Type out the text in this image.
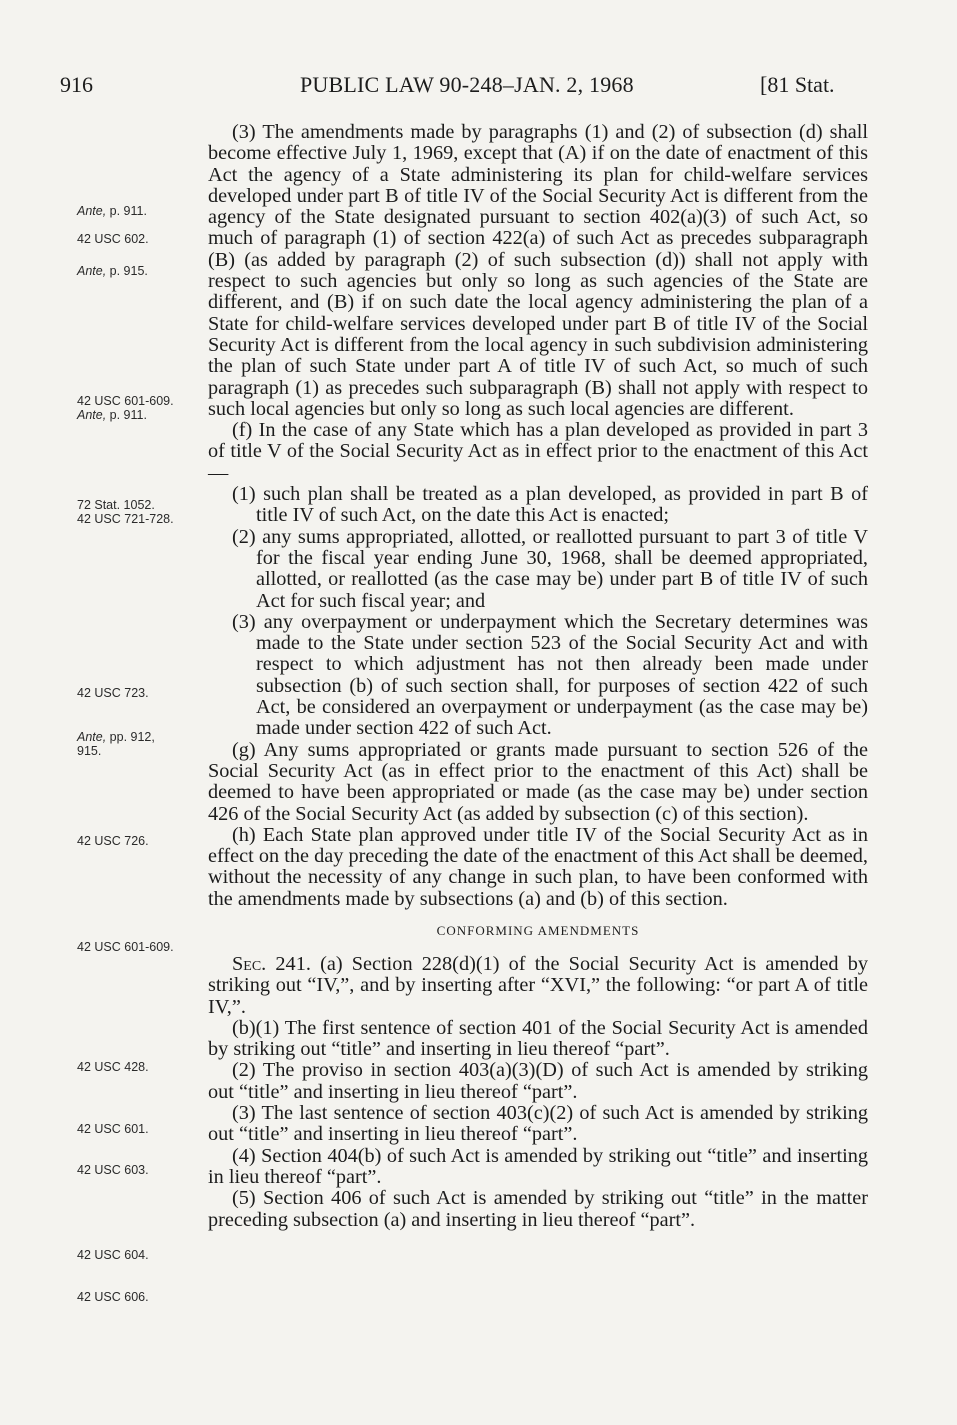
916	PUBLIC LAW 90-248–JAN. 2, 1968	[81 Stat.
Ante, p. 911.
42 USC 602.
Ante, p. 915.
42 USC 601-609.
Ante, p. 911.
72 Stat. 1052.
42 USC 721-728.
42 USC 723.
Ante, pp. 912,
915.
42 USC 726.
42 USC 601-609.
42 USC 428.
42 USC 601.
42 USC 603.
42 USC 604.
42 USC 606.

(3) The amendments made by paragraphs (1) and (2) of subsection (d) shall become effective July 1, 1969, except that (A) if on the date of enactment of this Act the agency of a State administering its plan for child-welfare services developed under part B of title IV of the Social Security Act is different from the agency of the State designated pursuant to section 402(a)(3) of such Act, so much of paragraph (1) of section 422(a) of such Act as precedes subparagraph (B) (as added by paragraph (2) of such subsection (d)) shall not apply with respect to such agencies but only so long as such agencies of the State are different, and (B) if on such date the local agency administering the plan of a State for child-welfare services developed under part B of title IV of the Social Security Act is different from the local agency in such subdivision administering the plan of such State under part A of title IV of such Act, so much of such paragraph (1) as precedes such subparagraph (B) shall not apply with respect to such local agencies but only so long as such local agencies are different.

(f) In the case of any State which has a plan developed as provided in part 3 of title V of the Social Security Act as in effect prior to the enactment of this Act—

(1) such plan shall be treated as a plan developed, as provided in part B of title IV of such Act, on the date this Act is enacted;

(2) any sums appropriated, allotted, or reallotted pursuant to part 3 of title V for the fiscal year ending June 30, 1968, shall be deemed appropriated, allotted, or reallotted (as the case may be) under part B of title IV of such Act for such fiscal year; and

(3) any overpayment or underpayment which the Secretary determines was made to the State under section 523 of the Social Security Act and with respect to which adjustment has not then already been made under subsection (b) of such section shall, for purposes of section 422 of such Act, be considered an overpayment or underpayment (as the case may be) made under section 422 of such Act.

(g) Any sums appropriated or grants made pursuant to section 526 of the Social Security Act (as in effect prior to the enactment of this Act) shall be deemed to have been appropriated or made (as the case may be) under section 426 of the Social Security Act (as added by subsection (c) of this section).

(h) Each State plan approved under title IV of the Social Security Act as in effect on the day preceding the date of the enactment of this Act shall be deemed, without the necessity of any change in such plan, to have been conformed with the amendments made by subsections (a) and (b) of this section.

CONFORMING AMENDMENTS

Sec. 241. (a) Section 228(d)(1) of the Social Security Act is amended by striking out “IV,”, and by inserting after “XVI,” the following: “or part A of title IV,”.

(b)(1) The first sentence of section 401 of the Social Security Act is amended by striking out “title” and inserting in lieu thereof “part”.

(2) The proviso in section 403(a)(3)(D) of such Act is amended by striking out “title” and inserting in lieu thereof “part”.

(3) The last sentence of section 403(c)(2) of such Act is amended by striking out “title” and inserting in lieu thereof “part”.

(4) Section 404(b) of such Act is amended by striking out “title” and inserting in lieu thereof “part”.

(5) Section 406 of such Act is amended by striking out “title” in the matter preceding subsection (a) and inserting in lieu thereof “part”.
